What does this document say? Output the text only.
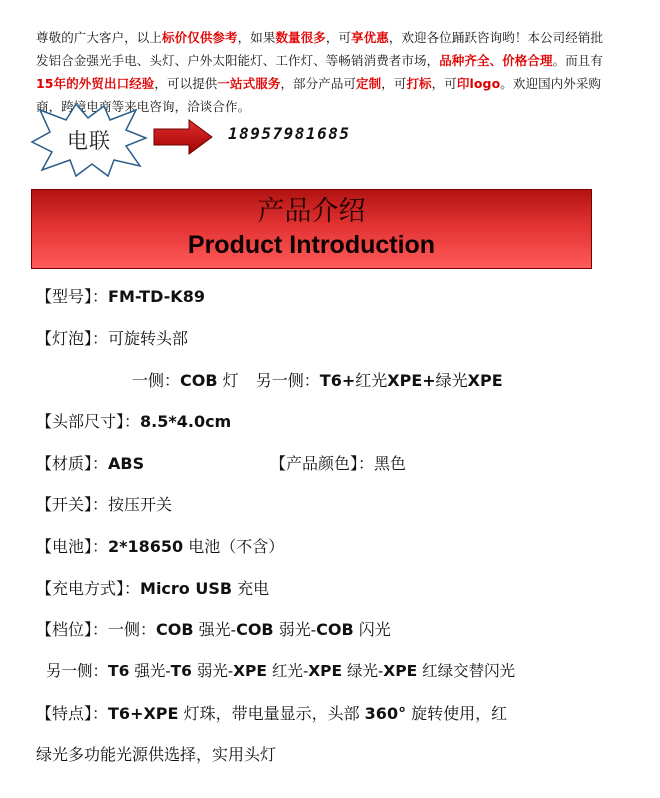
尊敬的广大客户，以上标价仅供参考，如果数量很多，可享优惠，欢迎各位踊跃咨询哟！本公司经销批发铝合金强光手电、头灯、户外太阳能灯、工作灯、等畅销消费者市场，品种齐全、价格合理。而且有15年的外贸出口经验，可以提供一站式服务，部分产品可定制，可打标，可印logo。欢迎国内外采购商，跨境电商等来电咨询，洽谈合作。
电联	18957981685
产品介绍
Product Introduction
【型号】：FM-TD-K89
【灯泡】：可旋转头部
一侧：COB 灯 另一侧：T6+红光XPE+绿光XPE
【头部尺寸】：8.5*4.0cm
【材质】：ABS	【产品颜色】：黑色
【开关】：按压开关
【电池】：2*18650 电池（不含）
【充电方式】：Micro USB 充电
【档位】：一侧：COB 强光-COB 弱光-COB 闪光
另一侧：T6 强光-T6 弱光-XPE 红光-XPE 绿光-XPE 红绿交替闪光
【特点】：T6+XPE 灯珠，带电量显示，头部 360° 旋转使用，红
绿光多功能光源供选择，实用头灯
